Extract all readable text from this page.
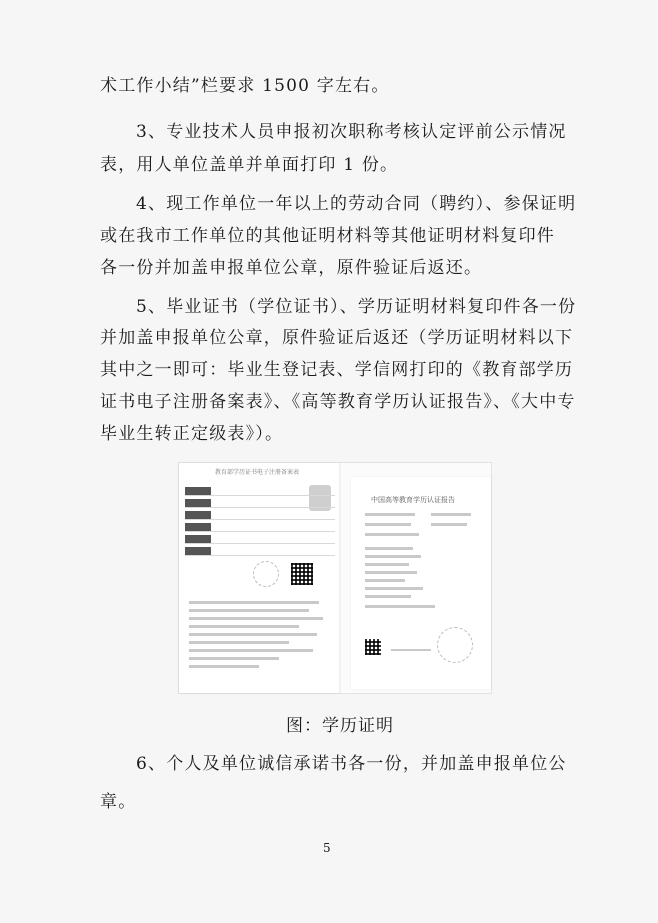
术工作小结”栏要求 1500 字左右。
3、专业技术人员申报初次职称考核认定评前公示情况
表，用人单位盖单并单面打印 1 份。
4、现工作单位一年以上的劳动合同（聘约）、参保证明
或在我市工作单位的其他证明材料等其他证明材料复印件
各一份并加盖申报单位公章，原件验证后返还。
5、毕业证书（学位证书）、学历证明材料复印件各一份
并加盖申报单位公章，原件验证后返还（学历证明材料以下
其中之一即可：毕业生登记表、学信网打印的《教育部学历
证书电子注册备案表》、《高等教育学历认证报告》、《大中专
毕业生转正定级表》）。
教育部学历证书电子注册备案表
中国高等教育学历认证报告
图：学历证明
6、个人及单位诚信承诺书各一份，并加盖申报单位公
章。
5
